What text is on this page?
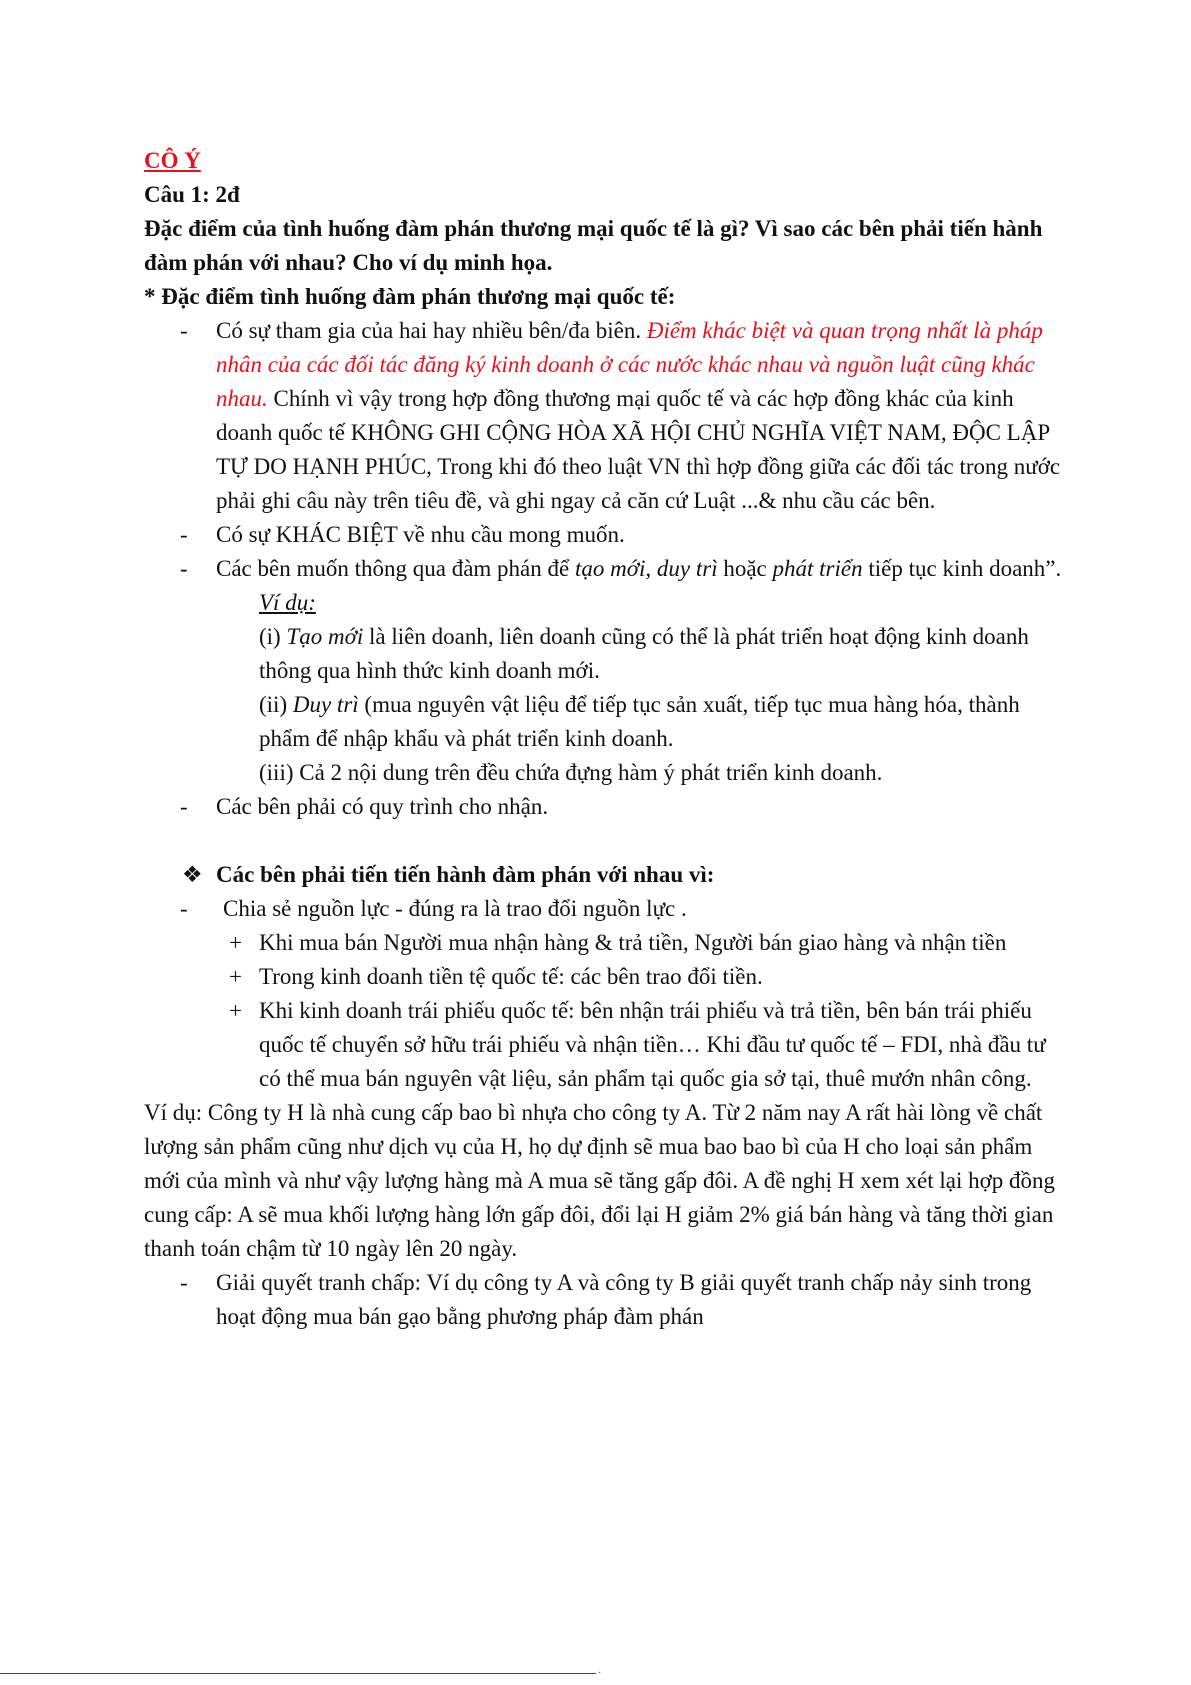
CÔ Ý
Câu 1: 2đ
Đặc điểm của tình huống đàm phán thương mại quốc tế là gì? Vì sao các bên phải tiến hành đàm phán với nhau? Cho ví dụ minh họa.
* Đặc điểm tình huống đàm phán thương mại quốc tế:
- Có sự tham gia của hai hay nhiều bên/đa biên. Điểm khác biệt và quan trọng nhất là pháp nhân của các đối tác đăng ký kinh doanh ở các nước khác nhau và nguồn luật cũng khác nhau. Chính vì vậy trong hợp đồng thương mại quốc tế và các hợp đồng khác của kinh doanh quốc tế KHÔNG GHI CỘNG HÒA XÃ HỘI CHỦ NGHĨA VIỆT NAM, ĐỘC LẬP TỰ DO HẠNH PHÚC, Trong khi đó theo luật VN thì hợp đồng giữa các đối tác trong nước phải ghi câu này trên tiêu đề, và ghi ngay cả căn cứ Luật ...& nhu cầu các bên.
- Có sự KHÁC BIỆT về nhu cầu mong muốn.
- Các bên muốn thông qua đàm phán để tạo mới, duy trì hoặc phát triển tiếp tục kinh doanh”.
Ví dụ:
(i) Tạo mới là liên doanh, liên doanh cũng có thể là phát triển hoạt động kinh doanh thông qua hình thức kinh doanh mới.
(ii) Duy trì (mua nguyên vật liệu để tiếp tục sản xuất, tiếp tục mua hàng hóa, thành phẩm để nhập khẩu và phát triển kinh doanh.
(iii) Cả 2 nội dung trên đều chứa đựng hàm ý phát triển kinh doanh.
- Các bên phải có quy trình cho nhận.
❖ Các bên phải tiến tiến hành đàm phán với nhau vì:
- Chia sẻ nguồn lực - đúng ra là trao đổi nguồn lực .
+ Khi mua bán Người mua nhận hàng & trả tiền, Người bán giao hàng và nhận tiền
+ Trong kinh doanh tiền tệ quốc tế: các bên trao đổi tiền.
+ Khi kinh doanh trái phiếu quốc tế: bên nhận trái phiếu và trả tiền, bên bán trái phiếu quốc tế chuyển sở hữu trái phiếu và nhận tiền… Khi đầu tư quốc tế – FDI, nhà đầu tư có thể mua bán nguyên vật liệu, sản phẩm tại quốc gia sở tại, thuê mướn nhân công.
Ví dụ: Công ty H là nhà cung cấp bao bì nhựa cho công ty A. Từ 2 năm nay A rất hài lòng về chất lượng sản phẩm cũng như dịch vụ của H, họ dự định sẽ mua bao bao bì của H cho loại sản phẩm mới của mình và như vậy lượng hàng mà A mua sẽ tăng gấp đôi. A đề nghị H xem xét lại hợp đồng cung cấp: A sẽ mua khối lượng hàng lớn gấp đôi, đổi lại H giảm 2% giá bán hàng và tăng thời gian thanh toán chậm từ 10 ngày lên 20 ngày.
- Giải quyết tranh chấp: Ví dụ công ty A và công ty B giải quyết tranh chấp nảy sinh trong hoạt động mua bán gạo bằng phương pháp đàm phán
·
